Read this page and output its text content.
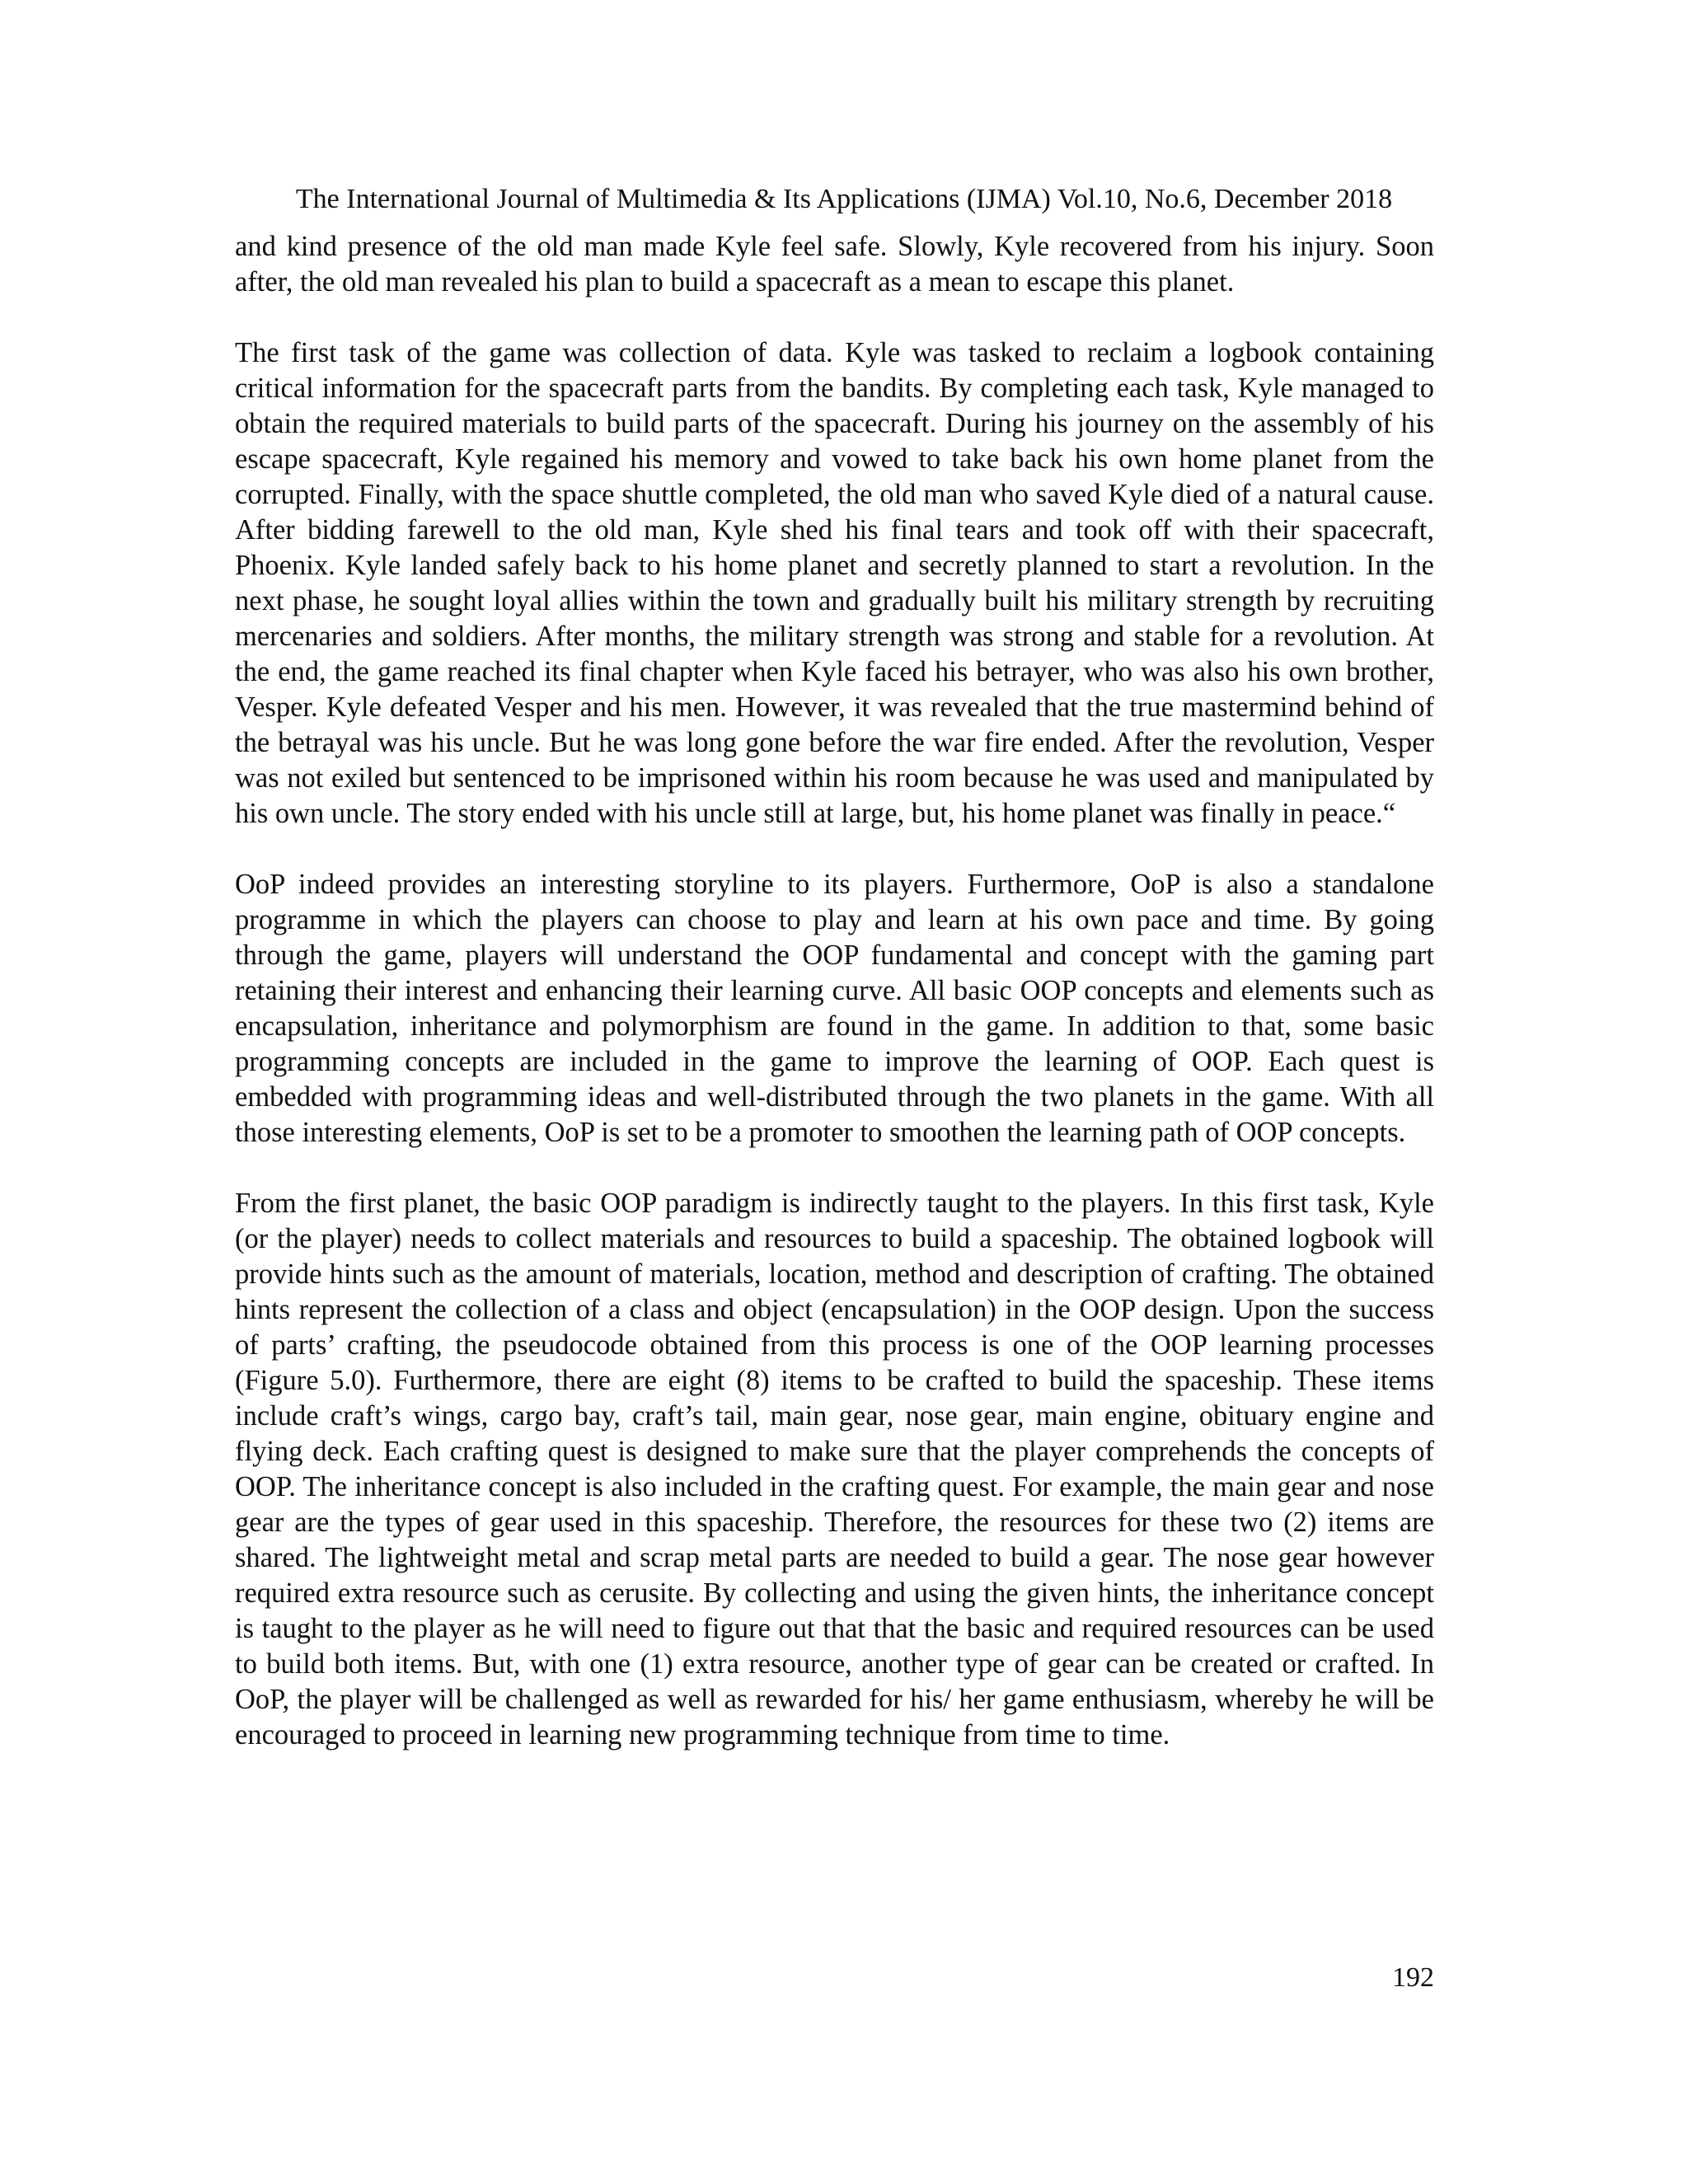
The International Journal of Multimedia & Its Applications (IJMA) Vol.10, No.6, December 2018

and kind presence of the old man made Kyle feel safe. Slowly, Kyle recovered from his injury. Soon after, the old man revealed his plan to build a spacecraft as a mean to escape this planet.

The first task of the game was collection of data. Kyle was tasked to reclaim a logbook containing critical information for the spacecraft parts from the bandits. By completing each task, Kyle managed to obtain the required materials to build parts of the spacecraft. During his journey on the assembly of his escape spacecraft, Kyle regained his memory and vowed to take back his own home planet from the corrupted. Finally, with the space shuttle completed, the old man who saved Kyle died of a natural cause. After bidding farewell to the old man, Kyle shed his final tears and took off with their spacecraft, Phoenix. Kyle landed safely back to his home planet and secretly planned to start a revolution. In the next phase, he sought loyal allies within the town and gradually built his military strength by recruiting mercenaries and soldiers. After months, the military strength was strong and stable for a revolution. At the end, the game reached its final chapter when Kyle faced his betrayer, who was also his own brother, Vesper. Kyle defeated Vesper and his men. However, it was revealed that the true mastermind behind of the betrayal was his uncle. But he was long gone before the war fire ended. After the revolution, Vesper was not exiled but sentenced to be imprisoned within his room because he was used and manipulated by his own uncle. The story ended with his uncle still at large, but, his home planet was finally in peace.“

OoP indeed provides an interesting storyline to its players. Furthermore, OoP is also a standalone programme in which the players can choose to play and learn at his own pace and time. By going through the game, players will understand the OOP fundamental and concept with the gaming part retaining their interest and enhancing their learning curve. All basic OOP concepts and elements such as encapsulation, inheritance and polymorphism are found in the game. In addition to that, some basic programming concepts are included in the game to improve the learning of OOP. Each quest is embedded with programming ideas and well-distributed through the two planets in the game. With all those interesting elements, OoP is set to be a promoter to smoothen the learning path of OOP concepts.

From the first planet, the basic OOP paradigm is indirectly taught to the players. In this first task, Kyle (or the player) needs to collect materials and resources to build a spaceship. The obtained logbook will provide hints such as the amount of materials, location, method and description of crafting. The obtained hints represent the collection of a class and object (encapsulation) in the OOP design. Upon the success of parts’ crafting, the pseudocode obtained from this process is one of the OOP learning processes (Figure 5.0). Furthermore, there are eight (8) items to be crafted to build the spaceship. These items include craft’s wings, cargo bay, craft’s tail, main gear, nose gear, main engine, obituary engine and flying deck. Each crafting quest is designed to make sure that the player comprehends the concepts of OOP. The inheritance concept is also included in the crafting quest. For example, the main gear and nose gear are the types of gear used in this spaceship. Therefore, the resources for these two (2) items are shared. The lightweight metal and scrap metal parts are needed to build a gear. The nose gear however required extra resource such as cerusite. By collecting and using the given hints, the inheritance concept is taught to the player as he will need to figure out that that the basic and required resources can be used to build both items. But, with one (1) extra resource, another type of gear can be created or crafted. In OoP, the player will be challenged as well as rewarded for his/ her game enthusiasm, whereby he will be encouraged to proceed in learning new programming technique from time to time.

192
